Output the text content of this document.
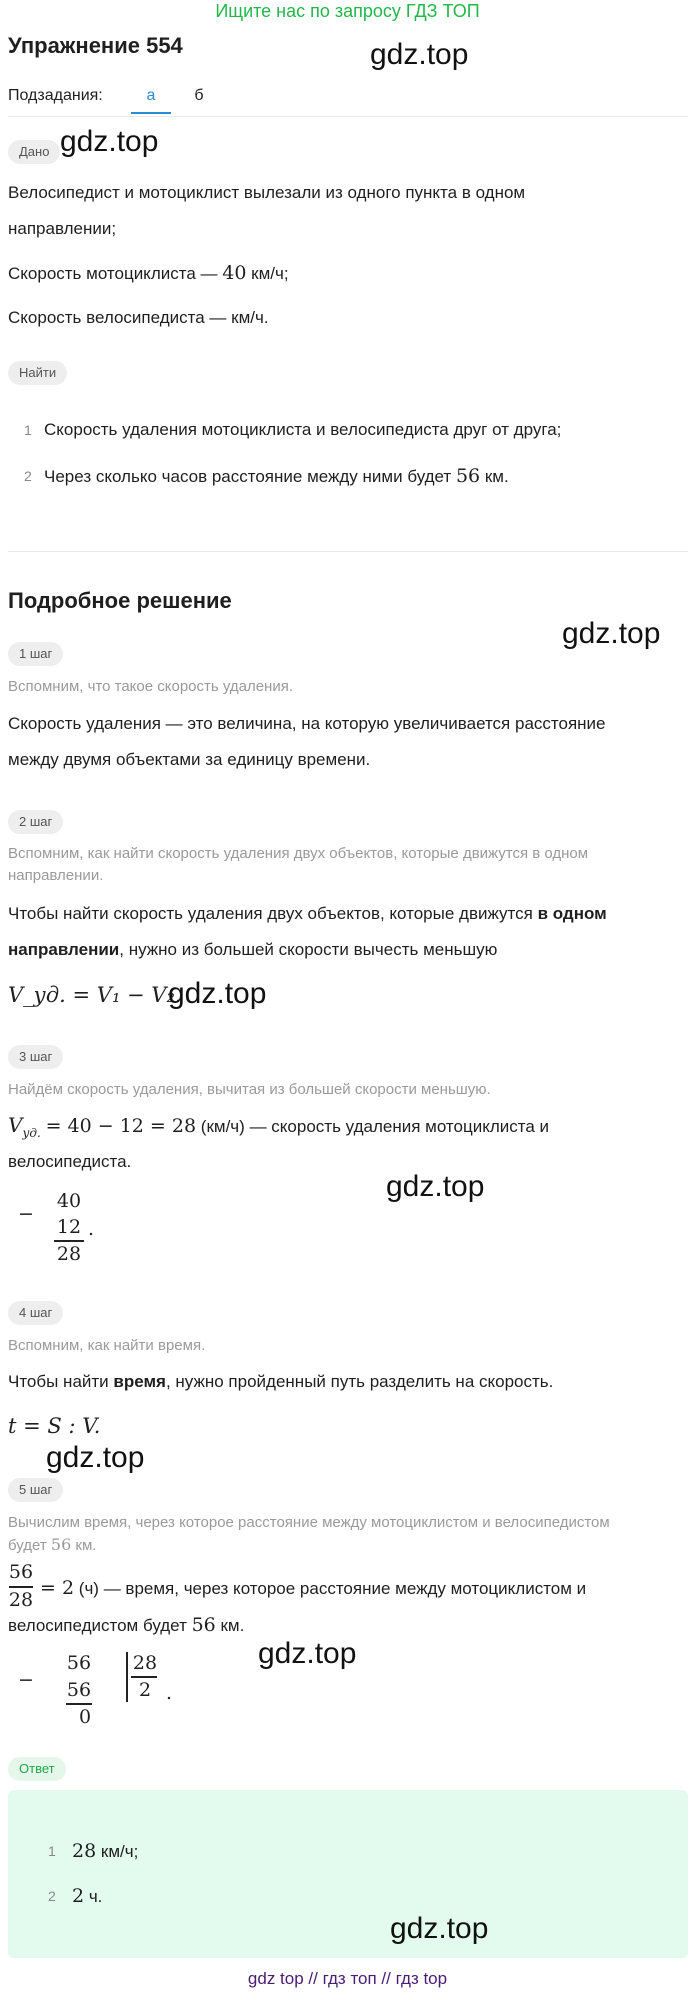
Ищите нас по запросу ГДЗ ТОП
Упражнение 554	gdz.top
Подзадания:	а	б
Дано gdz.top
Велосипедист и мотоциклист вылезали из одного пункта в одном
направлении;
Скорость мотоциклиста — 40 км/ч;
Скорость велосипедиста — км/ч.
Найти
1 Скорость удаления мотоциклиста и велосипедиста друг от друга;
2 Через сколько часов расстояние между ними будет 56 км.
Подробное решение
gdz.top
1 шаг
Вспомним, что такое скорость удаления.
Скорость удаления — это величина, на которую увеличивается расстояние
между двумя объектами за единицу времени.
2 шаг
Вспомним, как найти скорость удаления двух объектов, которые движутся в одном
направлении.
Чтобы найти скорость удаления двух объектов, которые движутся в одном
направлении, нужно из большей скорости вычесть меньшую
V_уд. = V₁ − V₂.
gdz.top
3 шаг
Найдём скорость удаления, вычитая из большей скорости меньшую.
$V_{уд.} = 40 - 12 = 28$ (км/ч) — скорость удаления мотоциклиста и
велосипедиста.
gdz.top
−
40
12
28
.
4 шаг
Вспомним, как найти время.
Чтобы найти время, нужно пройденный путь разделить на скорость.
t = S : V.
gdz.top
5 шаг
Вычислим время, через которое расстояние между мотоциклистом и велосипедистом
будет 56 км.
56
28
= 2 (ч) — время, через которое расстояние между мотоциклистом и
велосипедистом будет 56 км.
−
56
56
0
28
2 .
gdz.top
Ответ
1 28 км/ч;
2 2 ч.
gdz.top
gdz top // гдз топ // гдз top
